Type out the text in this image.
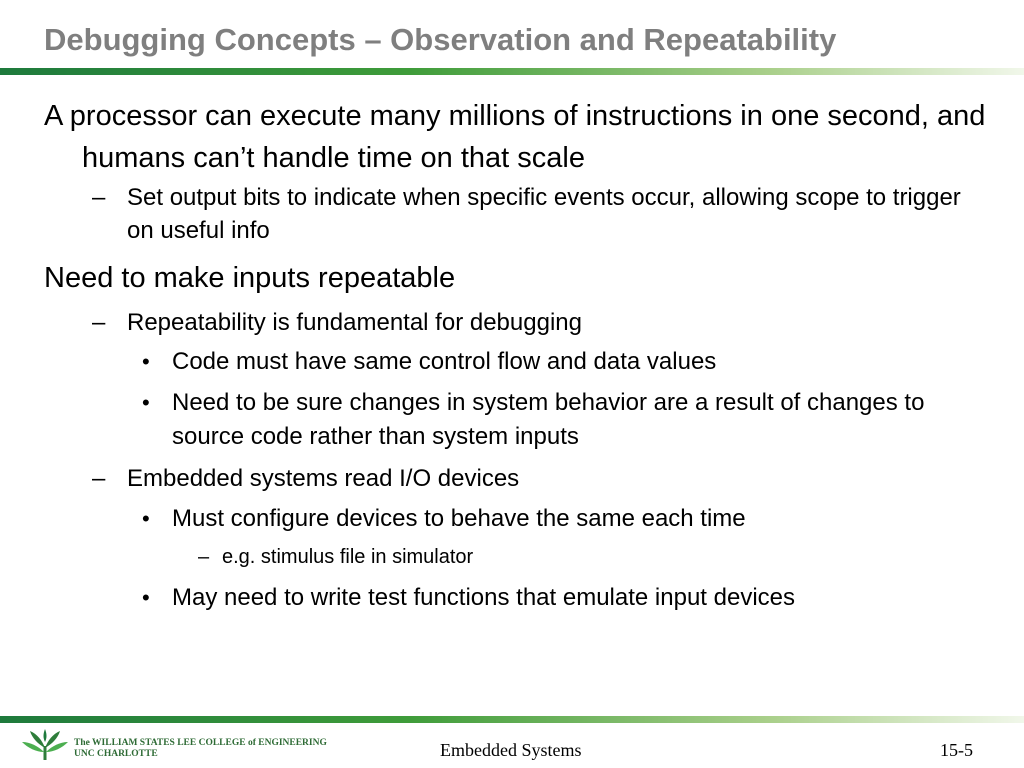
Debugging Concepts – Observation and Repeatability
A processor can execute many millions of instructions in one second, and humans can’t handle time on that scale
– Set output bits to indicate when specific events occur, allowing scope to trigger on useful info
Need to make inputs repeatable
– Repeatability is fundamental for debugging
• Code must have same control flow and data values
• Need to be sure changes in system behavior are a result of changes to source code rather than system inputs
– Embedded systems read I/O devices
• Must configure devices to behave the same each time
– e.g. stimulus file in simulator
• May need to write test functions that emulate input devices
The WILLIAM STATES LEE COLLEGE of ENGINEERING
UNC CHARLOTTE	Embedded Systems	15-5
